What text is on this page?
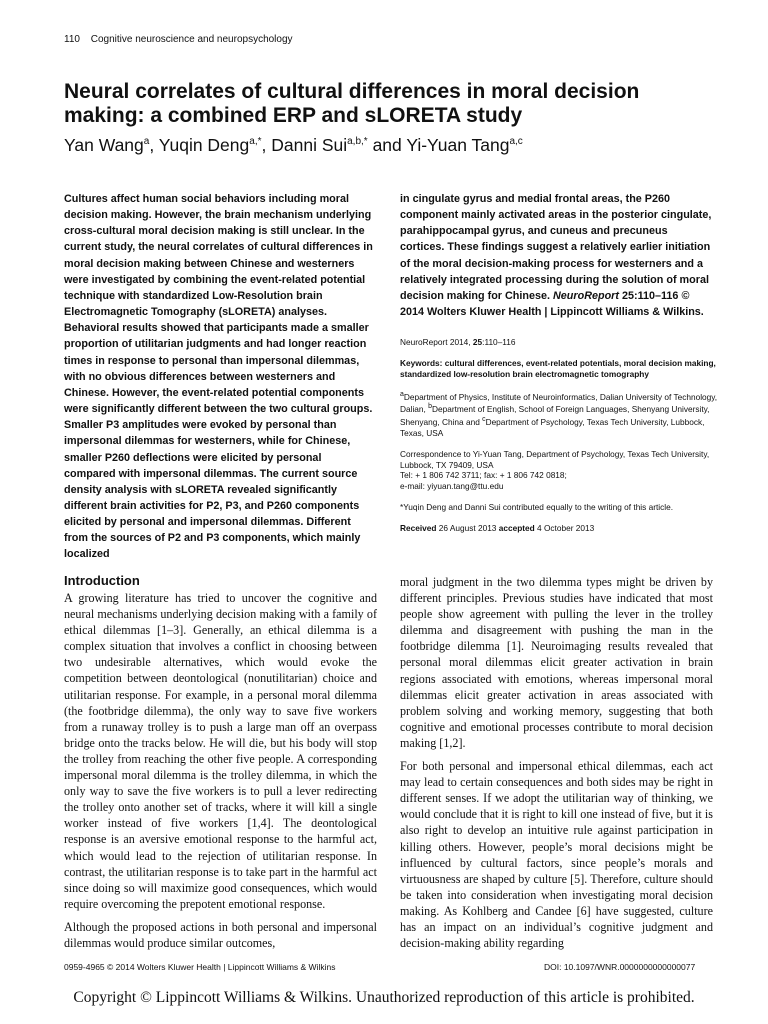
110 Cognitive neuroscience and neuropsychology
Neural correlates of cultural differences in moral decision making: a combined ERP and sLORETA study
Yan Wang$^a$, Yuqin Deng$^{a,*}$, Danni Sui$^{a,b,*}$ and Yi-Yuan Tang$^{a,c}$
Cultures affect human social behaviors including moral decision making. However, the brain mechanism underlying cross-cultural moral decision making is still unclear. In the current study, the neural correlates of cultural differences in moral decision making between Chinese and westerners were investigated by combining the event-related potential technique with standardized Low-Resolution brain Electromagnetic Tomography (sLORETA) analyses. Behavioral results showed that participants made a smaller proportion of utilitarian judgments and had longer reaction times in response to personal than impersonal dilemmas, with no obvious differences between westerners and Chinese. However, the event-related potential components were significantly different between the two cultural groups. Smaller P3 amplitudes were evoked by personal than impersonal dilemmas for westerners, while for Chinese, smaller P260 deflections were elicited by personal compared with impersonal dilemmas. The current source density analysis with sLORETA revealed significantly different brain activities for P2, P3, and P260 components elicited by personal and impersonal dilemmas. Different from the sources of P2 and P3 components, which mainly localized
in cingulate gyrus and medial frontal areas, the P260 component mainly activated areas in the posterior cingulate, parahippocampal gyrus, and cuneus and precuneus cortices. These findings suggest a relatively earlier initiation of the moral decision-making process for westerners and a relatively integrated processing during the solution of moral decision making for Chinese. NeuroReport 25:110–116 © 2014 Wolters Kluwer Health | Lippincott Williams & Wilkins.

NeuroReport 2014, 25:110–116

Keywords: cultural differences, event-related potentials, moral decision making, standardized low-resolution brain electromagnetic tomography

$^a$Department of Physics, Institute of Neuroinformatics, Dalian University of Technology, Dalian, $^b$Department of English, School of Foreign Languages, Shenyang University, Shenyang, China and $^c$Department of Psychology, Texas Tech University, Lubbock, Texas, USA

Correspondence to Yi-Yuan Tang, Department of Psychology, Texas Tech University, Lubbock, TX 79409, USA
Tel: + 1 806 742 3711; fax: + 1 806 742 0818;
e-mail: yiyuan.tang@ttu.edu

*Yuqin Deng and Danni Sui contributed equally to the writing of this article.

Received 26 August 2013 accepted 4 October 2013

Introduction

A growing literature has tried to uncover the cognitive and neural mechanisms underlying decision making with a family of ethical dilemmas [1–3]. Generally, an ethical dilemma is a complex situation that involves a conflict in choosing between two undesirable alternatives, which would evoke the competition between deontological (nonutilitarian) choice and utilitarian response. For example, in a personal moral dilemma (the footbridge dilemma), the only way to save five workers from a runaway trolley is to push a large man off an overpass bridge onto the tracks below. He will die, but his body will stop the trolley from reaching the other five people. A corresponding impersonal moral dilemma is the trolley dilemma, in which the only way to save the five workers is to pull a lever redirecting the trolley onto another set of tracks, where it will kill a single worker instead of five workers [1,4]. The deontological response is an aversive emotional response to the harmful act, which would lead to the rejection of utilitarian response. In contrast, the utilitarian response is to take part in the harmful act since doing so will maximize good consequences, which would require overcoming the prepotent emotional response.

Although the proposed actions in both personal and impersonal dilemmas would produce similar outcomes,

moral judgment in the two dilemma types might be driven by different principles. Previous studies have indicated that most people show agreement with pulling the lever in the trolley dilemma and disagreement with pushing the man in the footbridge dilemma [1]. Neuroimaging results revealed that personal moral dilemmas elicit greater activation in brain regions associated with emotions, whereas impersonal moral dilemmas elicit greater activation in areas associated with problem solving and working memory, suggesting that both cognitive and emotional processes contribute to moral decision making [1,2].

For both personal and impersonal ethical dilemmas, each act may lead to certain consequences and both sides may be right in different senses. If we adopt the utilitarian way of thinking, we would conclude that it is right to kill one instead of five, but it is also right to develop an intuitive rule against participation in killing others. However, people’s moral decisions might be influenced by cultural factors, since people’s morals and virtuousness are shaped by culture [5]. Therefore, culture should be taken into consideration when investigating moral decision making. As Kohlberg and Candee [6] have suggested, culture has an impact on an individual’s cognitive judgment and decision-making ability regarding

0959-4965 © 2014 Wolters Kluwer Health | Lippincott Williams & Wilkins	DOI: 10.1097/WNR.0000000000000077
Copyright © Lippincott Williams & Wilkins. Unauthorized reproduction of this article is prohibited.
